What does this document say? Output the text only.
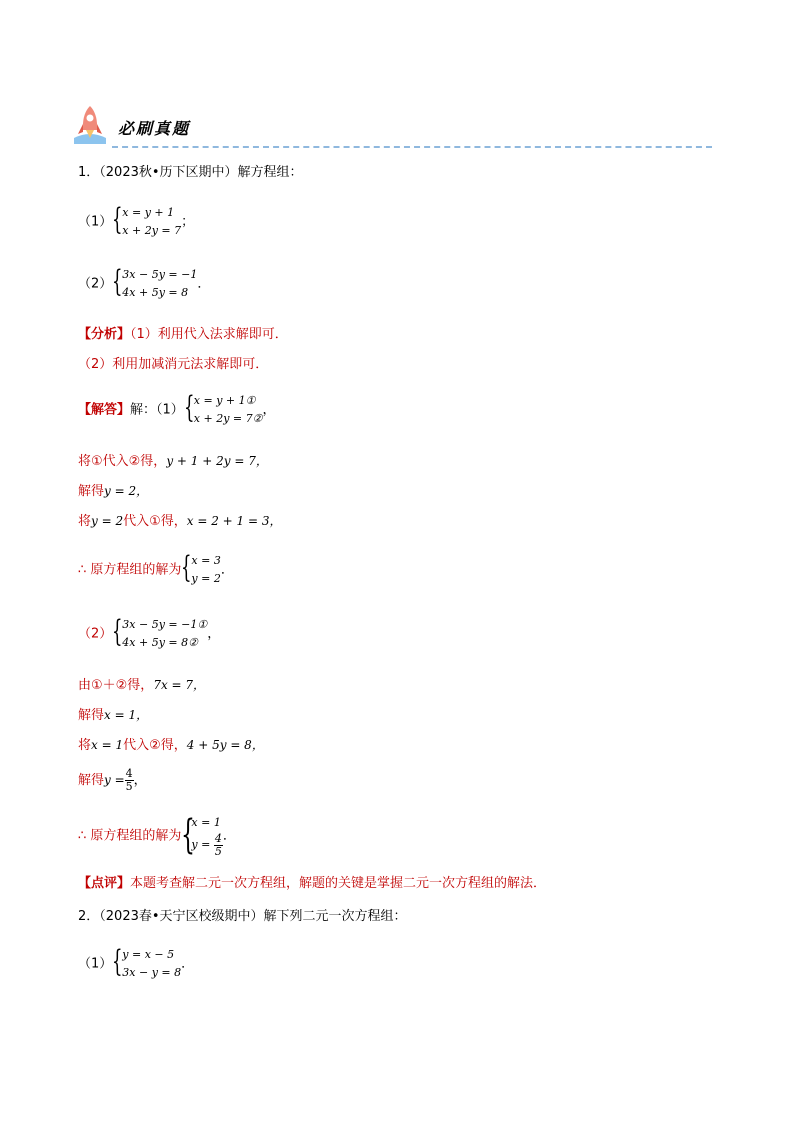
必刷真题
1．（2023秋•历下区期中）解方程组：
（1） { x = y + 1
x + 2y = 7
；
（2） { 3x − 5y = −1
4x + 5y = 8
．
【分析】（1）利用代入法求解即可．
（2）利用加减消元法求解即可．
【解答】解：（1） { x = y + 1①
x + 2y = 7②
，
将①代入②得，y + 1 + 2y = 7，
解得y = 2，
将y = 2代入①得，x = 2 + 1 = 3，
∴ 原方程组的解为 { x = 3
y = 2
．
（2） { 3x − 5y = −1①
4x + 5y = 8②
，
由①＋②得，7x = 7，
解得x = 1，
将x = 1代入②得，4 + 5y = 8，
解得$y = \frac{4}{5}$ ，
∴ 原方程组的解为 {
x = 1
$y = \frac{4}{5}$ ．
【点评】本题考查解二元一次方程组，解题的关键是掌握二元一次方程组的解法．
2．（2023春•天宁区校级期中）解下列二元一次方程组：
（1） { y = x − 5
3x − y = 8
．
